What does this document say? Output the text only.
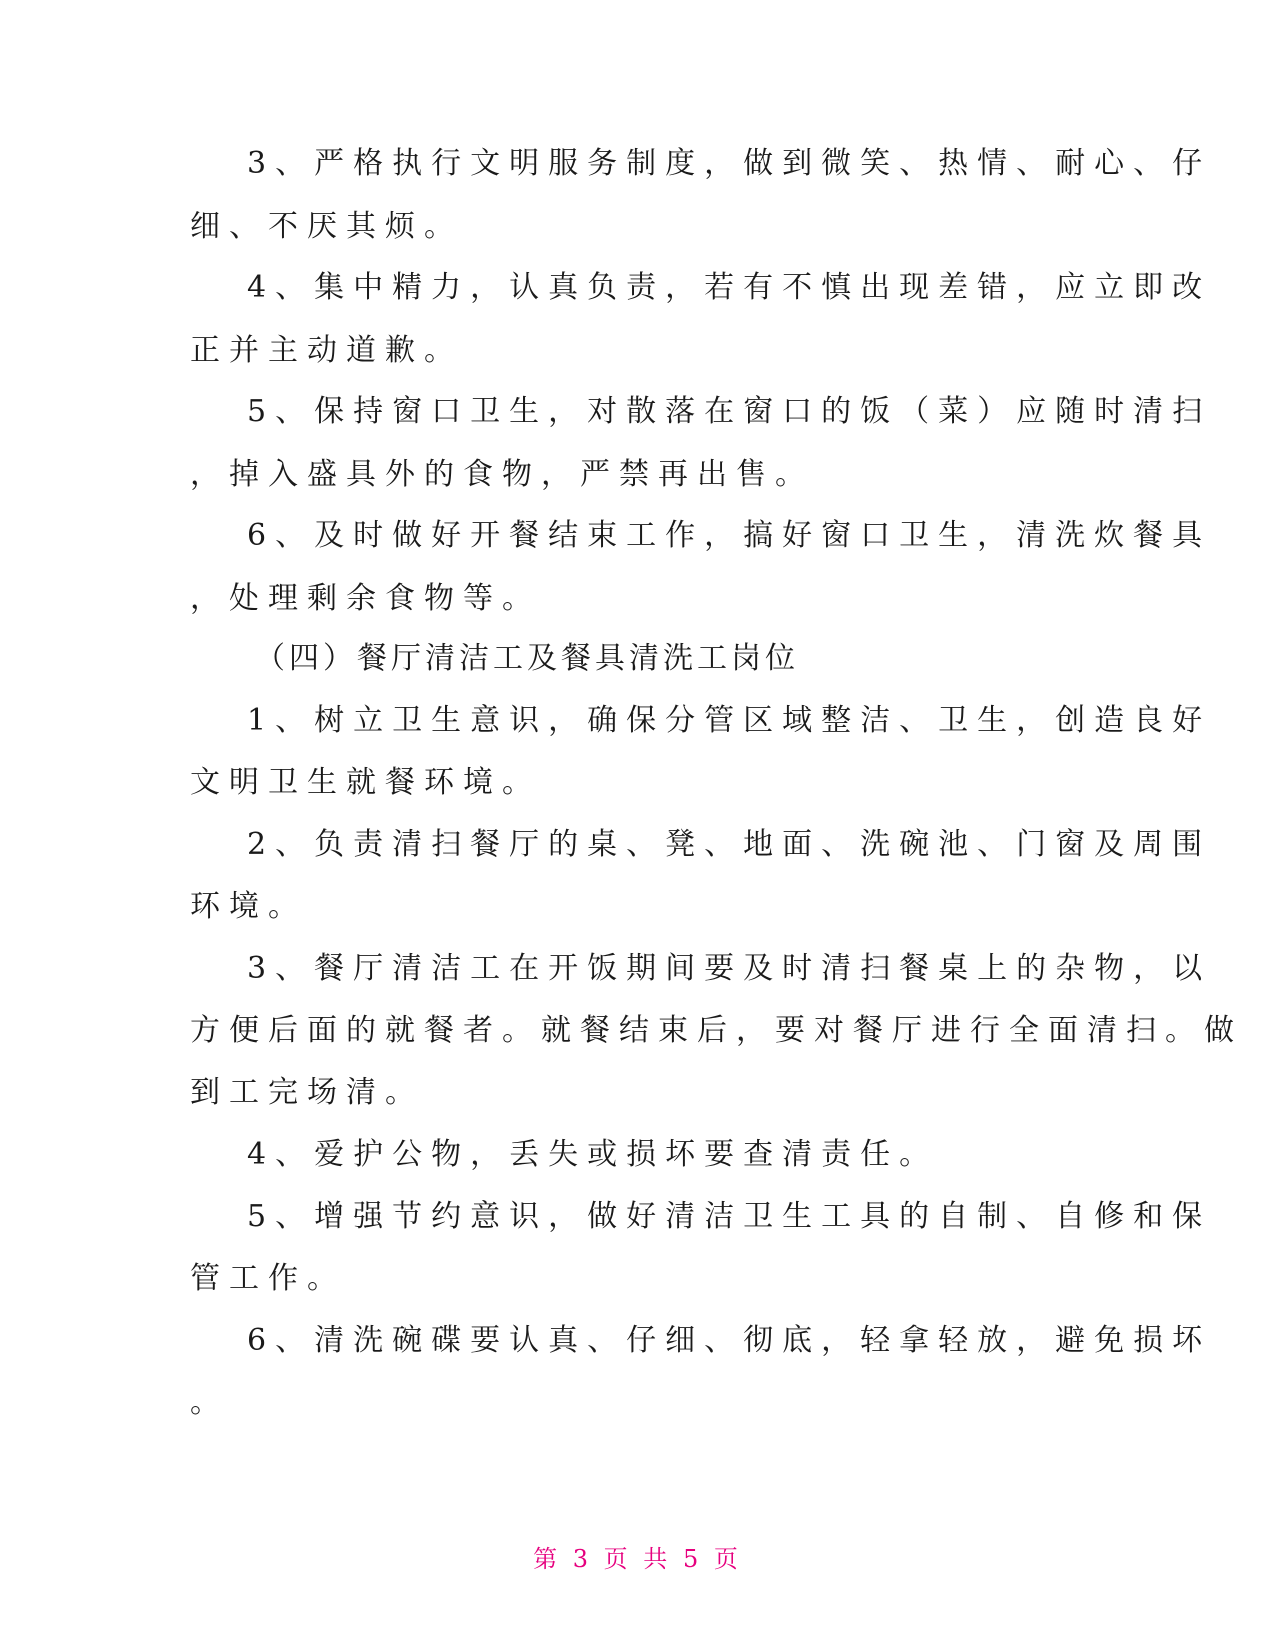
3、严格执行文明服务制度，做到微笑、热情、耐心、仔
细、不厌其烦。
4、集中精力，认真负责，若有不慎出现差错，应立即改
正并主动道歉。
5、保持窗口卫生，对散落在窗口的饭（菜）应随时清扫
，掉入盛具外的食物，严禁再出售。
6、及时做好开餐结束工作，搞好窗口卫生，清洗炊餐具
，处理剩余食物等。
（四）餐厅清洁工及餐具清洗工岗位
1、树立卫生意识，确保分管区域整洁、卫生，创造良好
文明卫生就餐环境。
2、负责清扫餐厅的桌、凳、地面、洗碗池、门窗及周围
环境。
3、餐厅清洁工在开饭期间要及时清扫餐桌上的杂物，以
方便后面的就餐者。就餐结束后，要对餐厅进行全面清扫。做
到工完场清。
4、爱护公物，丢失或损坏要查清责任。
5、增强节约意识，做好清洁卫生工具的自制、自修和保
管工作。
6、清洗碗碟要认真、仔细、彻底，轻拿轻放，避免损坏
。
第 3 页 共 5 页
